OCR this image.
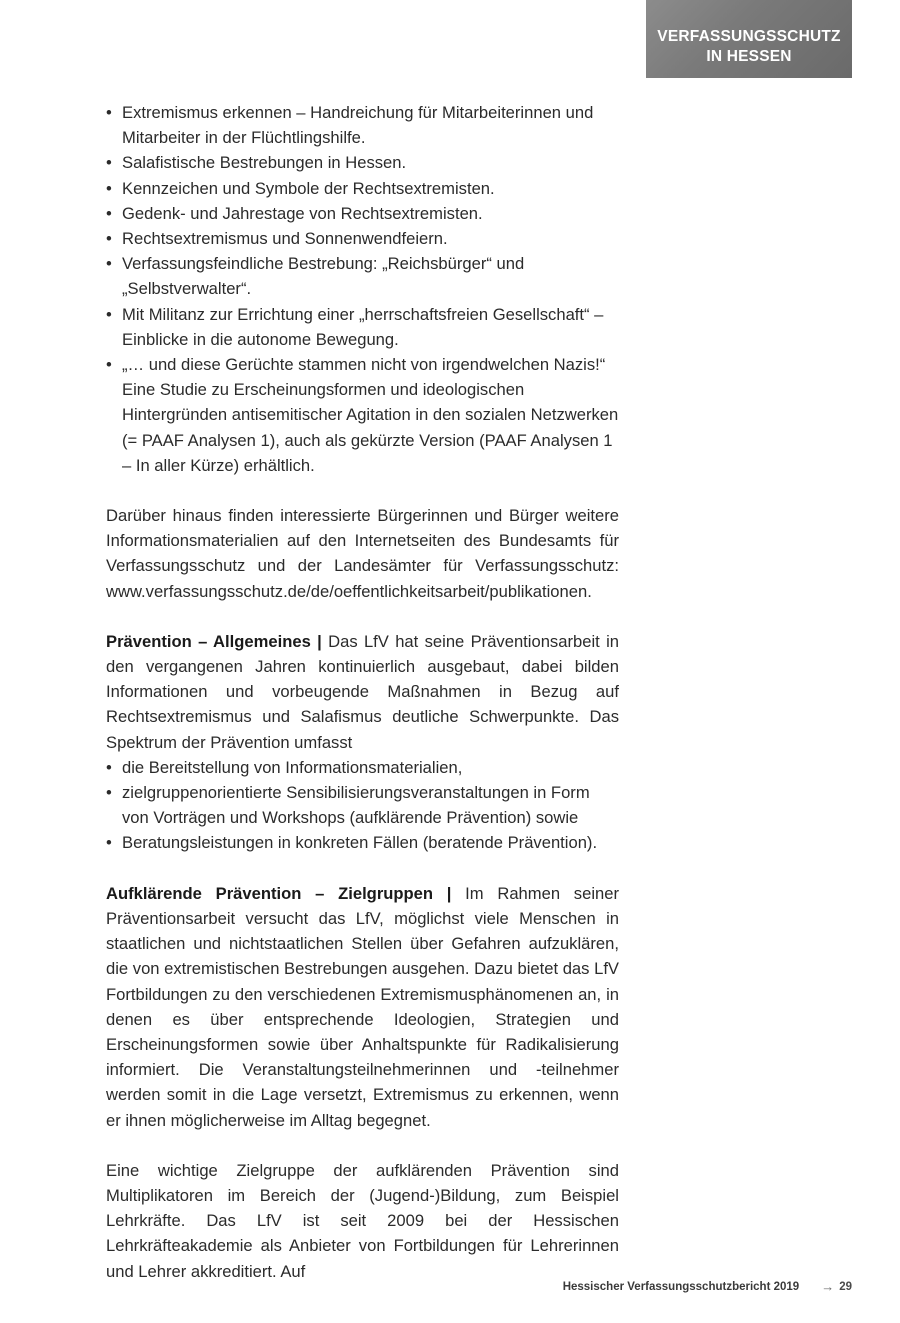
VERFASSUNGSSCHUTZ
IN HESSEN
• Extremismus erkennen – Handreichung für Mitarbeiterinnen und Mitarbeiter in der Flüchtlingshilfe.
• Salafistische Bestrebungen in Hessen.
• Kennzeichen und Symbole der Rechtsextremisten.
• Gedenk- und Jahrestage von Rechtsextremisten.
• Rechtsextremismus und Sonnenwendfeiern.
• Verfassungsfeindliche Bestrebung: „Reichsbürger“ und „Selbstverwalter“.
• Mit Militanz zur Errichtung einer „herrschaftsfreien Gesellschaft“ – Einblicke in die autonome Bewegung.
• „… und diese Gerüchte stammen nicht von irgendwelchen Nazis!“ Eine Studie zu Erscheinungsformen und ideologischen Hintergründen antisemitischer Agitation in den sozialen Netzwerken (= PAAF Analysen 1), auch als gekürzte Version (PAAF Analysen 1 – In aller Kürze) erhältlich.

Darüber hinaus finden interessierte Bürgerinnen und Bürger weitere Informationsmaterialien auf den Internetseiten des Bundesamts für Verfassungsschutz und der Landesämter für Verfassungsschutz: www.verfassungsschutz.de/de/oeffentlichkeitsarbeit/publikationen.

Prävention – Allgemeines | Das LfV hat seine Präventionsarbeit in den vergangenen Jahren kontinuierlich ausgebaut, dabei bilden Informationen und vorbeugende Maßnahmen in Bezug auf Rechtsextremismus und Salafismus deutliche Schwerpunkte. Das Spektrum der Prävention umfasst

• die Bereitstellung von Informationsmaterialien,
• zielgruppenorientierte Sensibilisierungsveranstaltungen in Form von Vorträgen und Workshops (aufklärende Prävention) sowie
• Beratungsleistungen in konkreten Fällen (beratende Prävention).

Aufklärende Prävention – Zielgruppen | Im Rahmen seiner Präventionsarbeit versucht das LfV, möglichst viele Menschen in staatlichen und nichtstaatlichen Stellen über Gefahren aufzuklären, die von extremistischen Bestrebungen ausgehen. Dazu bietet das LfV Fortbildungen zu den verschiedenen Extremismusphänomenen an, in denen es über entsprechende Ideologien, Strategien und Erscheinungsformen sowie über Anhaltspunkte für Radikalisierung informiert. Die Veranstaltungsteilnehmerinnen und -teilnehmer werden somit in die Lage versetzt, Extremismus zu erkennen, wenn er ihnen möglicherweise im Alltag begegnet.

Eine wichtige Zielgruppe der aufklärenden Prävention sind Multiplikatoren im Bereich der (Jugend-)Bildung, zum Beispiel Lehrkräfte. Das LfV ist seit 2009 bei der Hessischen Lehrkräfteakademie als Anbieter von Fortbildungen für Lehrerinnen und Lehrer akkreditiert. Auf

Hessischer Verfassungsschutzbericht 2019 → 29
